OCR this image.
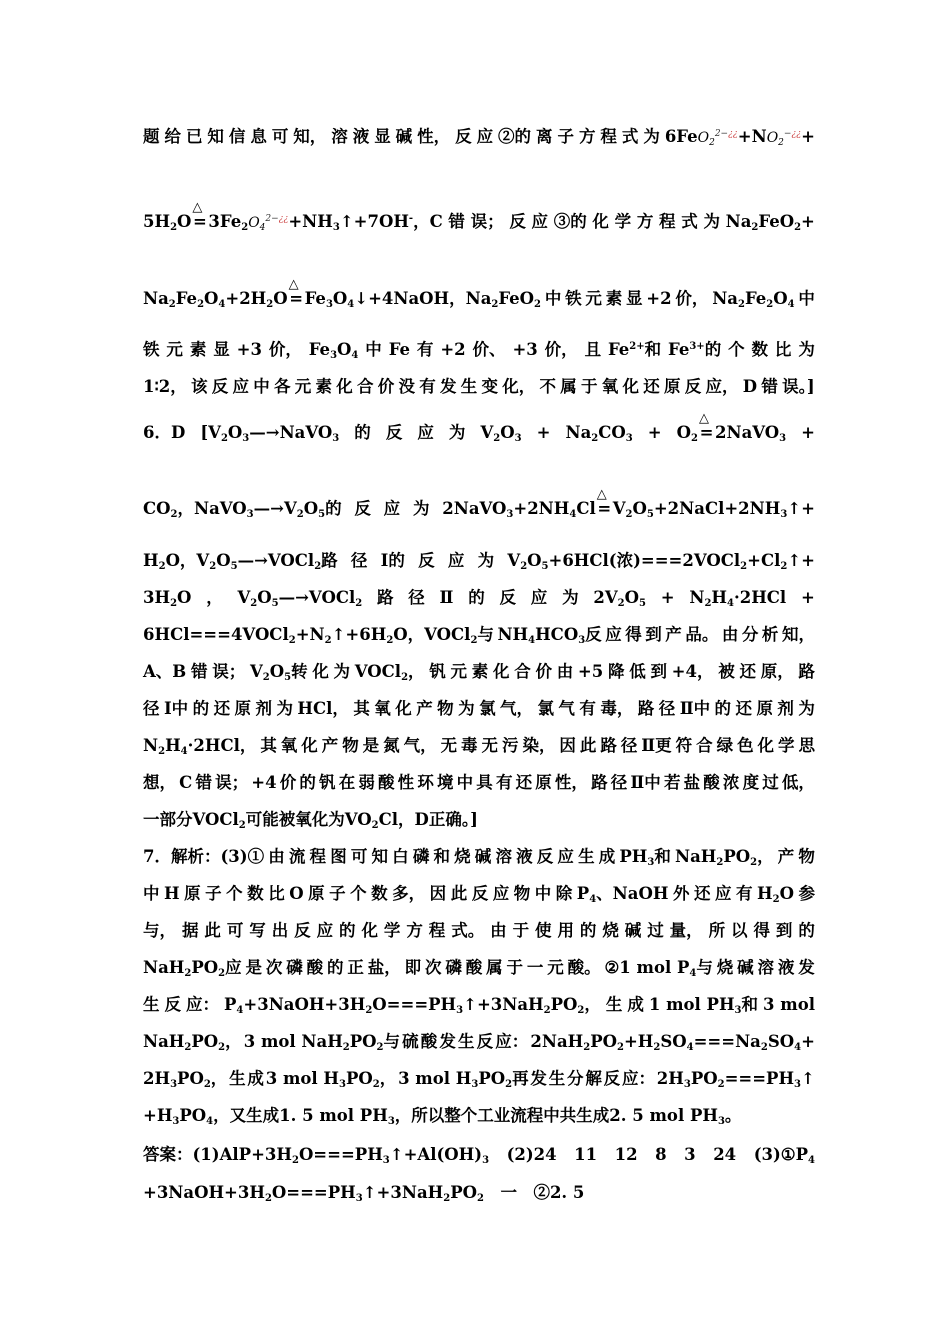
题 给 已 知 信 息 可 知， 溶 液 显 碱 性， 反 应 ②的 离 子 方 程 式 为 $6FeO_2^{2-¿¿}+NO_2^{-¿¿}+$
$5H_2O\triangle$ $=3Fe_2O_4^{2-¿¿}+NH_3↑+7OH^-$，C 错 误； 反 应 ③的 化 学 方 程 式 为 $Na_2FeO_2+$
$Na_2Fe_2O_4+2H_2O\triangle$ $=Fe_3O_4↓+4NaOH$，$Na_2FeO_2$ 中 铁 元 素 显 +2 价， $Na_2Fe_2O_4$ 中
铁 元 素 显 +3 价， $Fe_3O_4$ 中 Fe 有 +2 价、 +3 价， 且 $Fe^{2+}$和 $Fe^{3+}$的 个 数 比 为
1∶2， 该 反 应 中 各 元 素 化 合 价 没 有 发 生 变 化， 不 属 于 氧 化 还 原 反 应， D 错 误。]
6．D [$V_2O_3—\to NaVO_3$ 的 反 应 为 $V_2O_3 + Na_2CO_3$ + $O_2\triangle$ =2NaVO$_3$ +
$CO_2$，$NaVO_3—\to V_2O_5$的 反 应 为 $2NaVO_3+2NH_4Cl\triangle$ $=V_2O_5+2NaCl+2NH_3↑+$
$H_2O$，$V_2O_5—\to VOCl_2$路 径 Ⅰ的 反 应 为 $V_2O_5+6HCl$(浓)$===2VOCl_2+Cl_2↑+$
$3H_2O$ ， $V_2O_5—\to VOCl_2$ 路 径 Ⅱ 的 反 应 为 $2V_2O_5 + N_2H_4\cdot 2HCl$ +
$6HCl===4VOCl_2+N_2↑+6H_2O$，VOCl$_2$与 $NH_4HCO_3$反 应 得 到 产 品。 由 分 析 知，
A、B 错 误； $V_2O_5$转 化 为 VOCl$_2$， 钒 元 素 化 合 价 由 +5 降 低 到 +4， 被 还 原， 路
径 Ⅰ中 的 还 原 剂 为 HCl， 其 氧 化 产 物 为 氯 气， 氯 气 有 毒， 路 径 Ⅱ中 的 还 原 剂 为
$N_2H_4\cdot 2HCl$， 其 氧 化 产 物 是 氮 气， 无 毒 无 污 染， 因 此 路 径 Ⅱ更 符 合 绿 色 化 学 思
想， C 错 误； +4 价 的 钒 在 弱 酸 性 环 境 中 具 有 还 原 性， 路 径 Ⅱ中 若 盐 酸 浓 度 过 低，
一部分VOCl$_2$可能被氧化为$VO_2Cl$，D正确。]
7．解析：(3)① 由 流 程 图 可 知 白 磷 和 烧 碱 溶 液 反 应 生 成 $PH_3$和 $NaH_2PO_2$， 产 物
中 H 原 子 个 数 比 O 原 子 个 数 多， 因 此 反 应 物 中 除 $P_4$、NaOH 外 还 应 有 $H_2O$ 参
与， 据 此 可 写 出 反 应 的 化 学 方 程 式。 由 于 使 用 的 烧 碱 过 量， 所 以 得 到 的
$NaH_2PO_2$应 是 次 磷 酸 的 正 盐， 即 次 磷 酸 属 于 一 元 酸。 ②1 mol $P_4$与 烧 碱 溶 液 发
生 反 应： $P_4+3NaOH+3H_2O===PH_3↑+3NaH_2PO_2$， 生 成 1 mol $PH_3$和 3 mol
$NaH_2PO_2$， 3 mol $NaH_2PO_2$与 硫 酸 发 生 反 应： $2NaH_2PO_2+H_2SO_4===Na_2SO_4+$
$2H_3PO_2$， 生 成 3 mol $H_3PO_2$， 3 mol $H_3PO_2$再 发 生 分 解 反 应： $2H_3PO_2===PH_3↑$
$+H_3PO_4$，又生成1. 5 mol $PH_3$，所以整个工业流程中共生成2. 5 mol $PH_3$。
答案：$(1)AlP+3H_2O===PH_3↑+Al(OH)_3$ (2)24 11 12 8 3 24 $(3)①P_4$
$+3NaOH+3H_2O===PH_3↑+3NaH_2PO_2$　一　②2. 5
